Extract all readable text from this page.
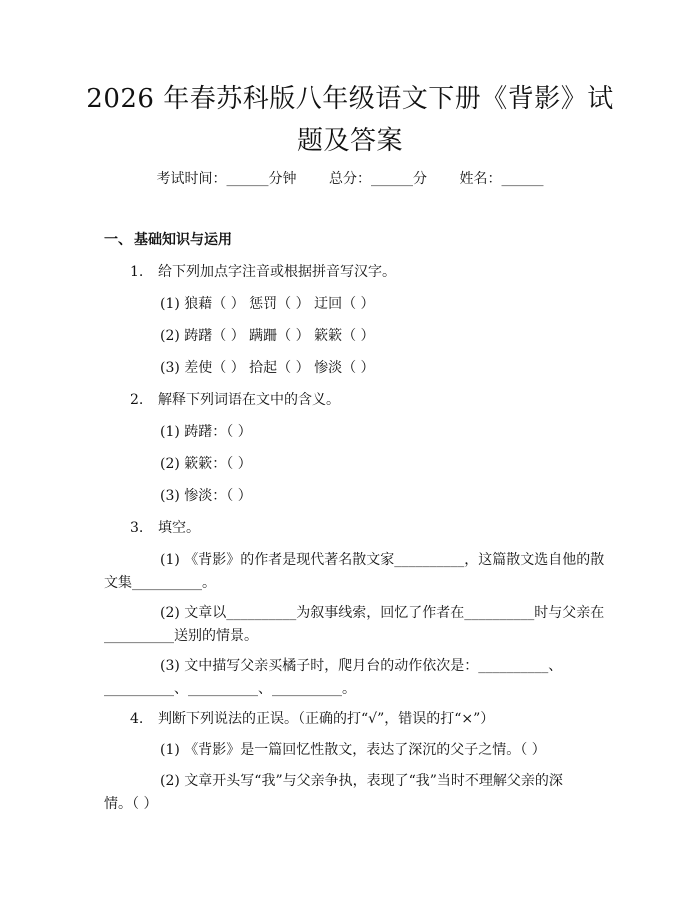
2026 年春苏科版八年级语文下册《背影》试
题及答案
考试时间：______分钟 总分：______分 姓名：______
一、 基础知识与运用
1. 给下列加点字注音或根据拼音写汉字。
(1) 狼藉（ ） 惩罚（ ） 迂回（ ）
(2) 踌躇（ ） 蹒跚（ ） 簌簌（ ）
(3) 差使（ ） 拾起（ ） 惨淡（ ）
2. 解释下列词语在文中的含义。
(1) 踌躇：（ ）
(2) 簌簌：（ ）
(3) 惨淡：（ ）
3. 填空。
(1) 《背影》的作者是现代著名散文家__________，这篇散文选自他的散
文集__________。
(2) 文章以__________为叙事线索，回忆了作者在__________时与父亲在
__________送别的情景。
(3) 文中描写父亲买橘子时，爬月台的动作依次是：__________、
__________、__________、__________。
4. 判断下列说法的正误。（正确的打“√”，错误的打“×”）
(1) 《背影》是一篇回忆性散文，表达了深沉的父子之情。（ ）
(2) 文章开头写“我”与父亲争执，表现了“我”当时不理解父亲的深
情。（ ）
